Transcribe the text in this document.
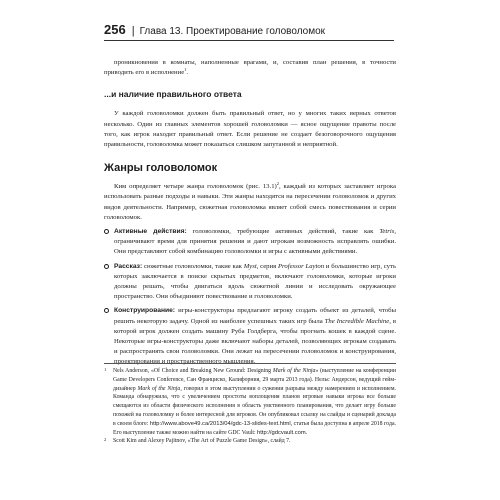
256 | Глава 13. Проектирование головоломок

проникновения в комнаты, наполненные врагами, и, составив план решения, в точности приводить его в исполнение$^1$.

...и наличие правильного ответа

У каждой головоломки должен быть правильный ответ, но у многих таких верных ответов несколько. Один из главных элементов хорошей головоломки — ясное ощущение правоты после того, как игрок находит правильный ответ. Если решение не создает безоговорочного ощущения правильности, головоломка может показаться слишком запутанной и неприятной.

Жанры головоломок

Ким определяет четыре жанра головоломок (рис. 13.1)$^2$, каждый из которых заставляет игрока использовать разные подходы и навыки. Эти жанры находятся на пересечении головоломок и других видов деятельности. Например, сюжетная головоломка являет собой смесь повествования и серии головоломок.

Активные действия: головоломки, требующие активных действий, такие как Tetris, ограничивают время для принятия решения и дают игрокам возможность исправлять ошибки. Они представляют собой комбинацию головоломки и игры с активными действиями.

Рассказ: сюжетные головоломки, такие как Myst, серия Professor Layton и большинство игр, суть которых заключается в поиске скрытых предметов, включают головоломки, которые игроки должны решать, чтобы двигаться вдоль сюжетной линии и исследовать окружающее пространство. Они объединяют повествование и головоломки.

Конструирование: игры-конструкторы предлагают игроку создать объект из деталей, чтобы решить некоторую задачу. Одной из наиболее успешных таких игр была The Incredible Machine, в которой игрок должен создать машину Руба Голдберга, чтобы прогнать кошек в каждой сцене. Некоторые игры-конструкторы даже включают наборы деталей, позволяющих игрокам создавать и распространять свои головоломки. Они лежат на пересечении головоломок и конструирования, проектирования и пространственного мышления.

1 Nels Anderson, «Of Choice and Breaking New Ground: Designing Mark of the Ninja» (выступление на конференции Game Developers Conference, Сан Франциско, Калифорния, 29 марта 2013 года). Нельс Андерсон, ведущий гейм-дизайнер Mark of the Ninja, говорил в этом выступлении о сужении разрыва между намерением и исполнением. Команда обнаружила, что с увеличением простоты воплощения планов игровые навыки игрока все больше смещаются из области физического исполнения в область умственного планирования, что делает игру больше похожей на головоломку и более интересной для игроков. Он опубликовал ссылку на слайды и сценарий доклада в своем блоге: http://www.above49.ca/2013/04/gdc-13-slides-text.html, статья была доступна в апреле 2018 года. Его выступление также можно найти на сайте GDC Vault: http://gdcvault.com.

2 Scott Kim and Alexey Pajitnov, «The Art of Puzzle Game Design», слайд 7.
